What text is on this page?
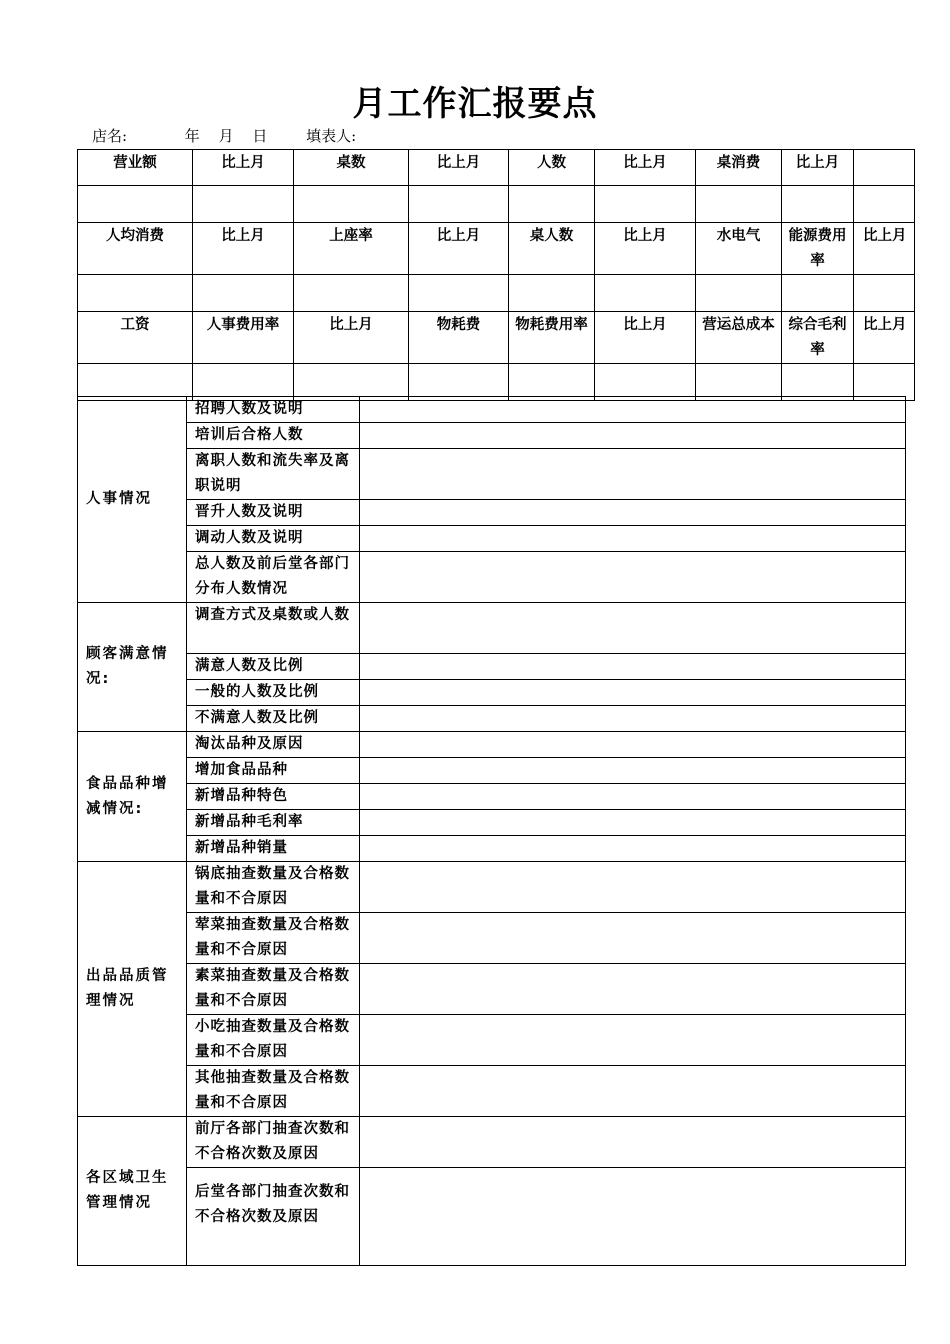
月工作汇报要点
店名:	年 月 日	填表人:
营业额	比上月	桌数	比上月	人数	比上月	桌消费	比上月	

人均消费	比上月	上座率	比上月	桌人数	比上月	水电气	能源费用率	比上月

工资	人事费用率	比上月	物耗费	物耗费用率	比上月	营运总成本	综合毛利率	比上月

人事情况	招聘人数及说明	
	培训后合格人数	
	离职人数和流失率及离职说明	
	晋升人数及说明	
	调动人数及说明	
	总人数及前后堂各部门分布人数情况	

顾客满意情况:	调查方式及桌数或人数	
	满意人数及比例	
	一般的人数及比例	
	不满意人数及比例	
食品品种增减情况:	淘汰品种及原因	
	增加食品品种	
	新增品种特色	
	新增品种毛利率	
	新增品种销量	
出品品质管理情况	锅底抽查数量及合格数量和不合原因	
	荤菜抽查数量及合格数量和不合原因	
	素菜抽查数量及合格数量和不合原因	
	小吃抽查数量及合格数量和不合原因	
	其他抽查数量及合格数量和不合原因	
各区域卫生管理情况	前厅各部门抽查次数和不合格次数及原因	
	后堂各部门抽查次数和不合格次数及原因	
